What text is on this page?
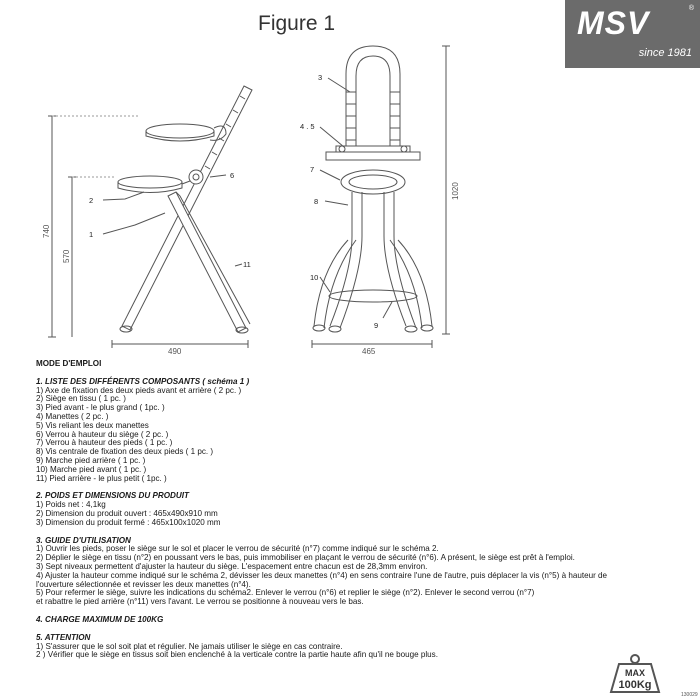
Figure 1	MSV	®
since 1981
740
570
490	465
1020
2
1
6
11
3
4 . 5
7
8
10
9
MODE D'EMPLOI
1. LISTE DES DIFFÉRENTS COMPOSANTS ( schéma 1 )
1) Axe de fixation des deux pieds avant et arrière ( 2 pc. )
2) Siège en tissu ( 1 pc. )
3) Pied avant - le plus grand ( 1pc. )
4) Manettes ( 2 pc. )
5) Vis reliant les deux manettes
6) Verrou à hauteur du siège ( 2 pc. )
7) Verrou à hauteur des pieds ( 1 pc. )
8) Vis centrale de fixation des deux pieds ( 1 pc. )
9) Marche pied arrière ( 1 pc. )
10) Marche pied avant ( 1 pc. )
11) Pied arrière - le plus petit ( 1pc. )
2. POIDS ET DIMENSIONS DU PRODUIT
1) Poids net : 4,1kg
2) Dimension du produit ouvert : 465x490x910 mm
3) Dimension du produit fermé : 465x100x1020 mm
3. GUIDE D'UTILISATION
1) Ouvrir les pieds, poser le siège sur le sol et placer le verrou de sécurité (n°7) comme indiqué sur le schéma 2.
2) Déplier le siège en tissu (n°2) en poussant vers le bas, puis immobiliser en plaçant le verrou de sécurité (n°6). A présent, le siège est prêt à l'emploi.
3) Sept niveaux permettent d'ajuster la hauteur du siège. L'espacement entre chacun est de 28,3mm environ.
4) Ajuster la hauteur comme indiqué sur le schéma 2, dévisser les deux manettes (n°4) en sens contraire l'une de l'autre, puis déplacer la vis (n°5) à hauteur de
l'ouverture sélectionnée et revisser les deux manettes (n°4).
5) Pour refermer le siège, suivre les indications du schéma2. Enlever le verrou (n°6) et replier le siège (n°2). Enlever le second verrou (n°7)
et rabattre le pied arrière (n°11) vers l'avant. Le verrou se positionne à nouveau vers le bas.
4. CHARGE MAXIMUM DE 100KG
5. ATTENTION
1) S'assurer que le sol soit plat et régulier. Ne jamais utiliser le siège en cas contraire.
2 ) Vérifier que le siège en tissus soit bien enclenché à la verticale contre la partie haute afin qu'il ne bouge plus.
MAX
100Kg
130029
